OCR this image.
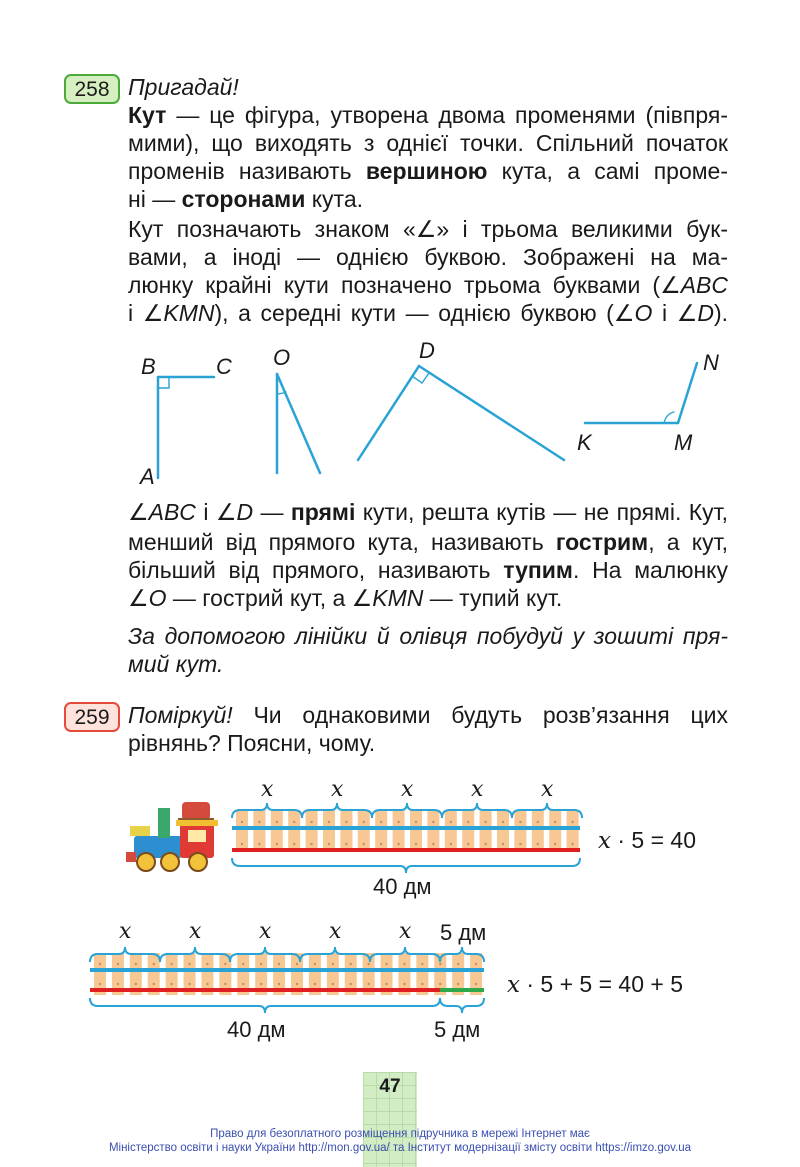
258 Пригадай!
Кут — це фігура, утворена двома променями (пiвпря-
мими), що виходять з однієї точки. Спільний початок
променів називають вершиною кута, а самі проме-
ні — сторонами кута.
Кут позначають знаком «∠» і трьома великими бук-
вами, а іноді — однією буквою. Зображені на ма-
люнку крайні кути позначено трьома буквами (∠ABC
і ∠KMN), а середні кути — однією буквою (∠O і ∠D).
∠ABC і ∠D — прямі кути, решта кутів — не прямі. Кут,
менший від прямого кута, називають гострим, а кут,
більший від прямого, називають тупим. На малюнку
∠O — гострий кут, а ∠KMN — тупий кут.
За допомогою лінійки й олівця побудуй у зошиті пря-
мий кут.
B	C
A
O	D	N
K	M
259 Поміркуй! Чи однаковими будуть розв’язання цих
рівнянь? Поясни, чому.
x · 5 = 40
40 дм
5 дм
x · 5 + 5 = 40 + 5
40 дм	5 дм
47
Право для безоплатного розміщення підручника в мережі Інтернет має
Міністерство освіти і науки України http://mon.gov.ua/ та Інститут модернізації змісту освіти https://imzo.gov.ua
x	x	x	x	x
x	x	x	x	x
